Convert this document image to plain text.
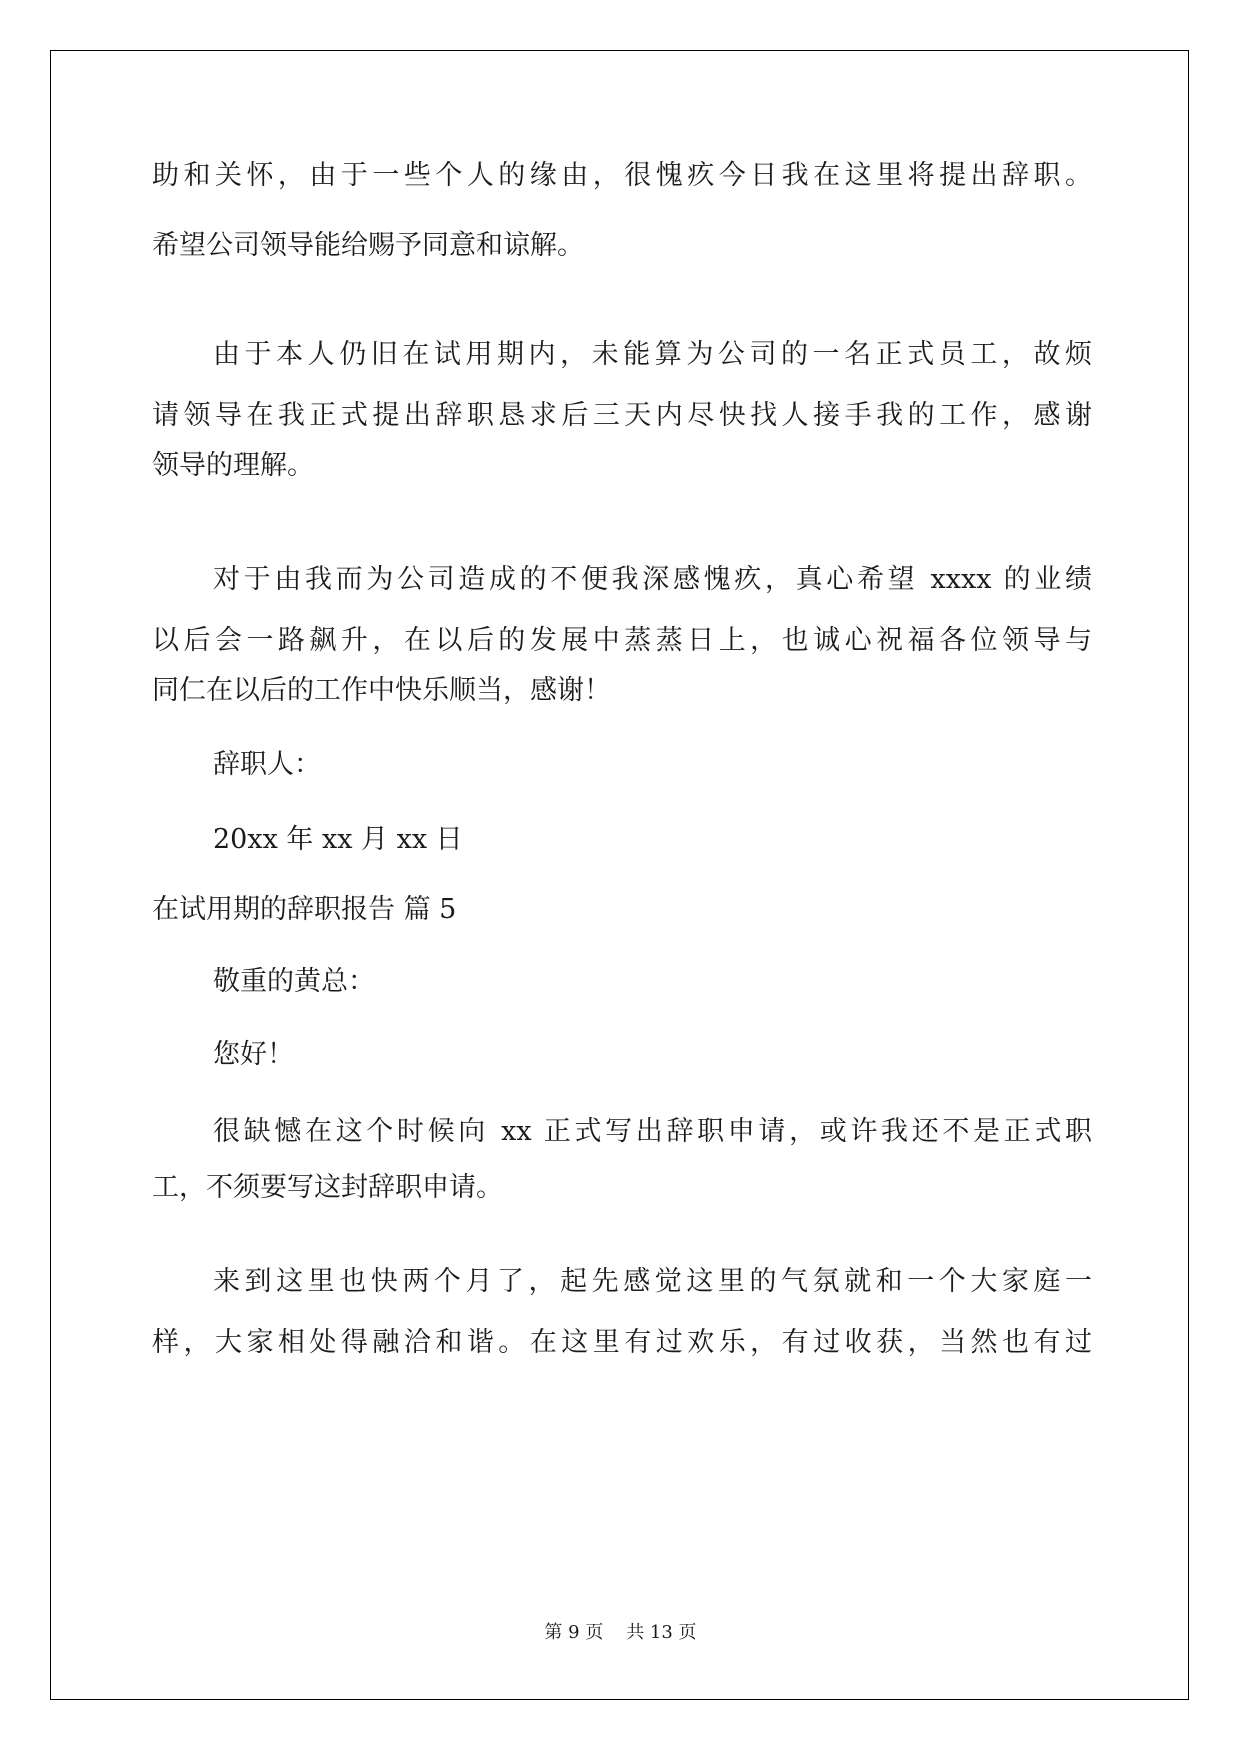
助和关怀，由于一些个人的缘由，很愧疚今日我在这里将提出辞职。
希望公司领导能给赐予同意和谅解。
由于本人仍旧在试用期内，未能算为公司的一名正式员工，故烦
请领导在我正式提出辞职恳求后三天内尽快找人接手我的工作，感谢
领导的理解。
对于由我而为公司造成的不便我深感愧疚，真心希望 xxxx 的业绩
以后会一路飙升，在以后的发展中蒸蒸日上，也诚心祝福各位领导与
同仁在以后的工作中快乐顺当，感谢！
辞职人：
20xx 年 xx 月 xx 日
在试用期的辞职报告 篇 5
敬重的黄总：
您好！
很缺憾在这个时候向 xx 正式写出辞职申请，或许我还不是正式职
工，不须要写这封辞职申请。
来到这里也快两个月了，起先感觉这里的气氛就和一个大家庭一
样，大家相处得融洽和谐。在这里有过欢乐，有过收获，当然也有过
第 9 页    共 13 页
